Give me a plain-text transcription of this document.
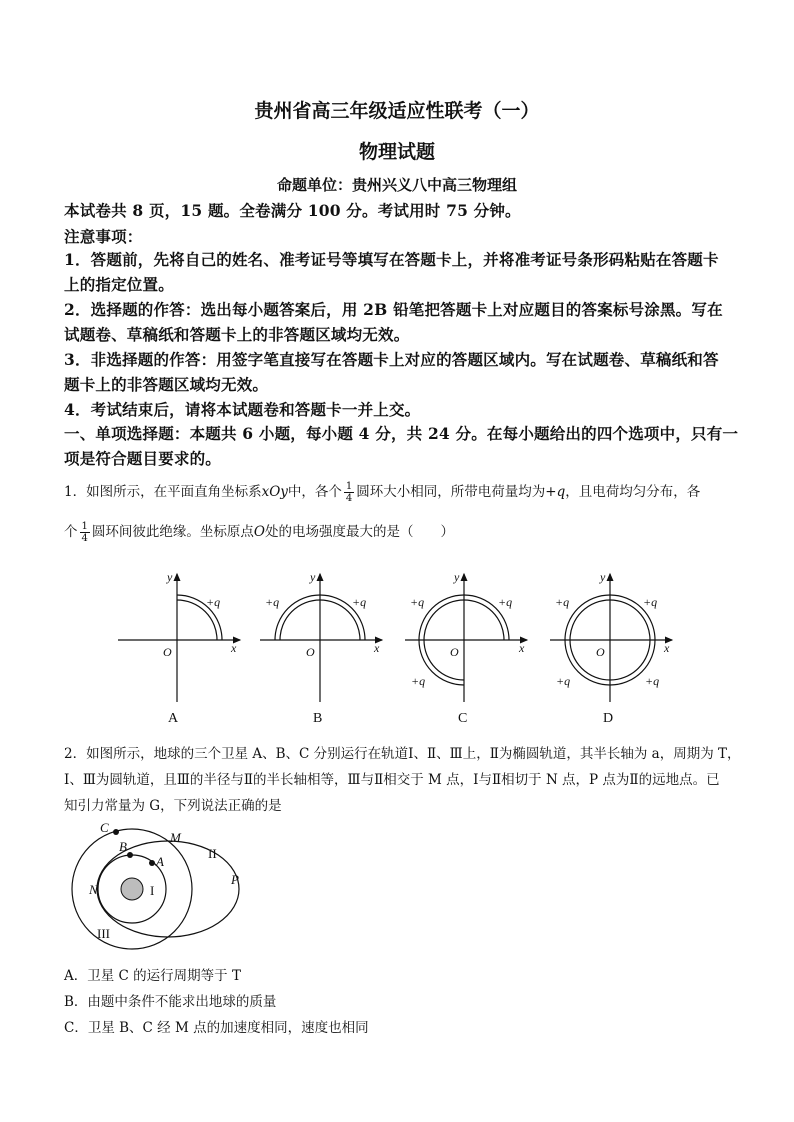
贵州省高三年级适应性联考（一）
物理试题
命题单位：贵州兴义八中高三物理组
本试卷共 8 页，15 题。全卷满分 100 分。考试用时 75 分钟。
注意事项：
1．答题前，先将自己的姓名、准考证号等填写在答题卡上，并将准考证号条形码粘贴在答题卡
上的指定位置。
2．选择题的作答：选出每小题答案后，用 2B 铅笔把答题卡上对应题目的答案标号涂黑。写在
试题卷、草稿纸和答题卡上的非答题区域均无效。
3．非选择题的作答：用签字笔直接写在答题卡上对应的答题区域内。写在试题卷、草稿纸和答
题卡上的非答题区域均无效。
4．考试结束后，请将本试题卷和答题卡一并上交。
一、单项选择题：本题共 6 小题，每小题 4 分，共 24 分。在每小题给出的四个选项中，只有一
项是符合题目要求的。
1．如图所示，在平面直角坐标系xOy中，各个 $\frac{1}{4}$ 圆环大小相同，所带电荷量均为+q，且电荷均匀分布，各
个 $\frac{1}{4}$ 圆环间彼此绝缘。坐标原点O处的电场强度最大的是（　　）
y
x
O
y
x
O
y
x
O
y
x
O
+q	+q	+q	+q	+q
+q
+q	+q
+q	+q
A	B	C	D
2．如图所示，地球的三个卫星 A、B、C 分别运行在轨道Ⅰ、Ⅱ、Ⅲ上，Ⅱ为椭圆轨道，其半长轴为 a，周期为 T，
Ⅰ、Ⅲ为圆轨道，且Ⅲ的半径与Ⅱ的半长轴相等，Ⅲ与Ⅱ相交于 M 点，Ⅰ与Ⅱ相切于 N 点，P 点为Ⅱ的远地点。已
知引力常量为 G，下列说法正确的是
C
B
A
M
N
P
I
II
III
A．卫星 C 的运行周期等于 T
B．由题中条件不能求出地球的质量
C．卫星 B、C 经 M 点的加速度相同，速度也相同
